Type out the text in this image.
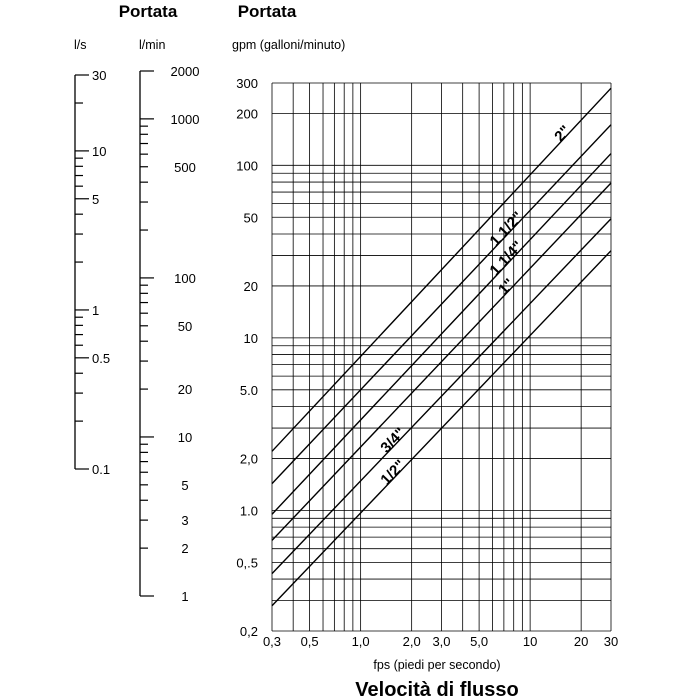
Portata	Portata
l/s	l/min	gpm (galloni/minuto)
2"
1 1/2"
1 1/4"
1"
3/4"
1/2"
0,2
0,.5
1.0
2,0
5.0
10
20
50
100
200
300
0,3 0,5	1,0	2,0 3,0 5,0	10	20 30
30
10
5
1
0.5
0.1
2000
1000
500
100
50
20
10
5
3
2
1
fps (piedi per secondo)
Velocità di flusso
